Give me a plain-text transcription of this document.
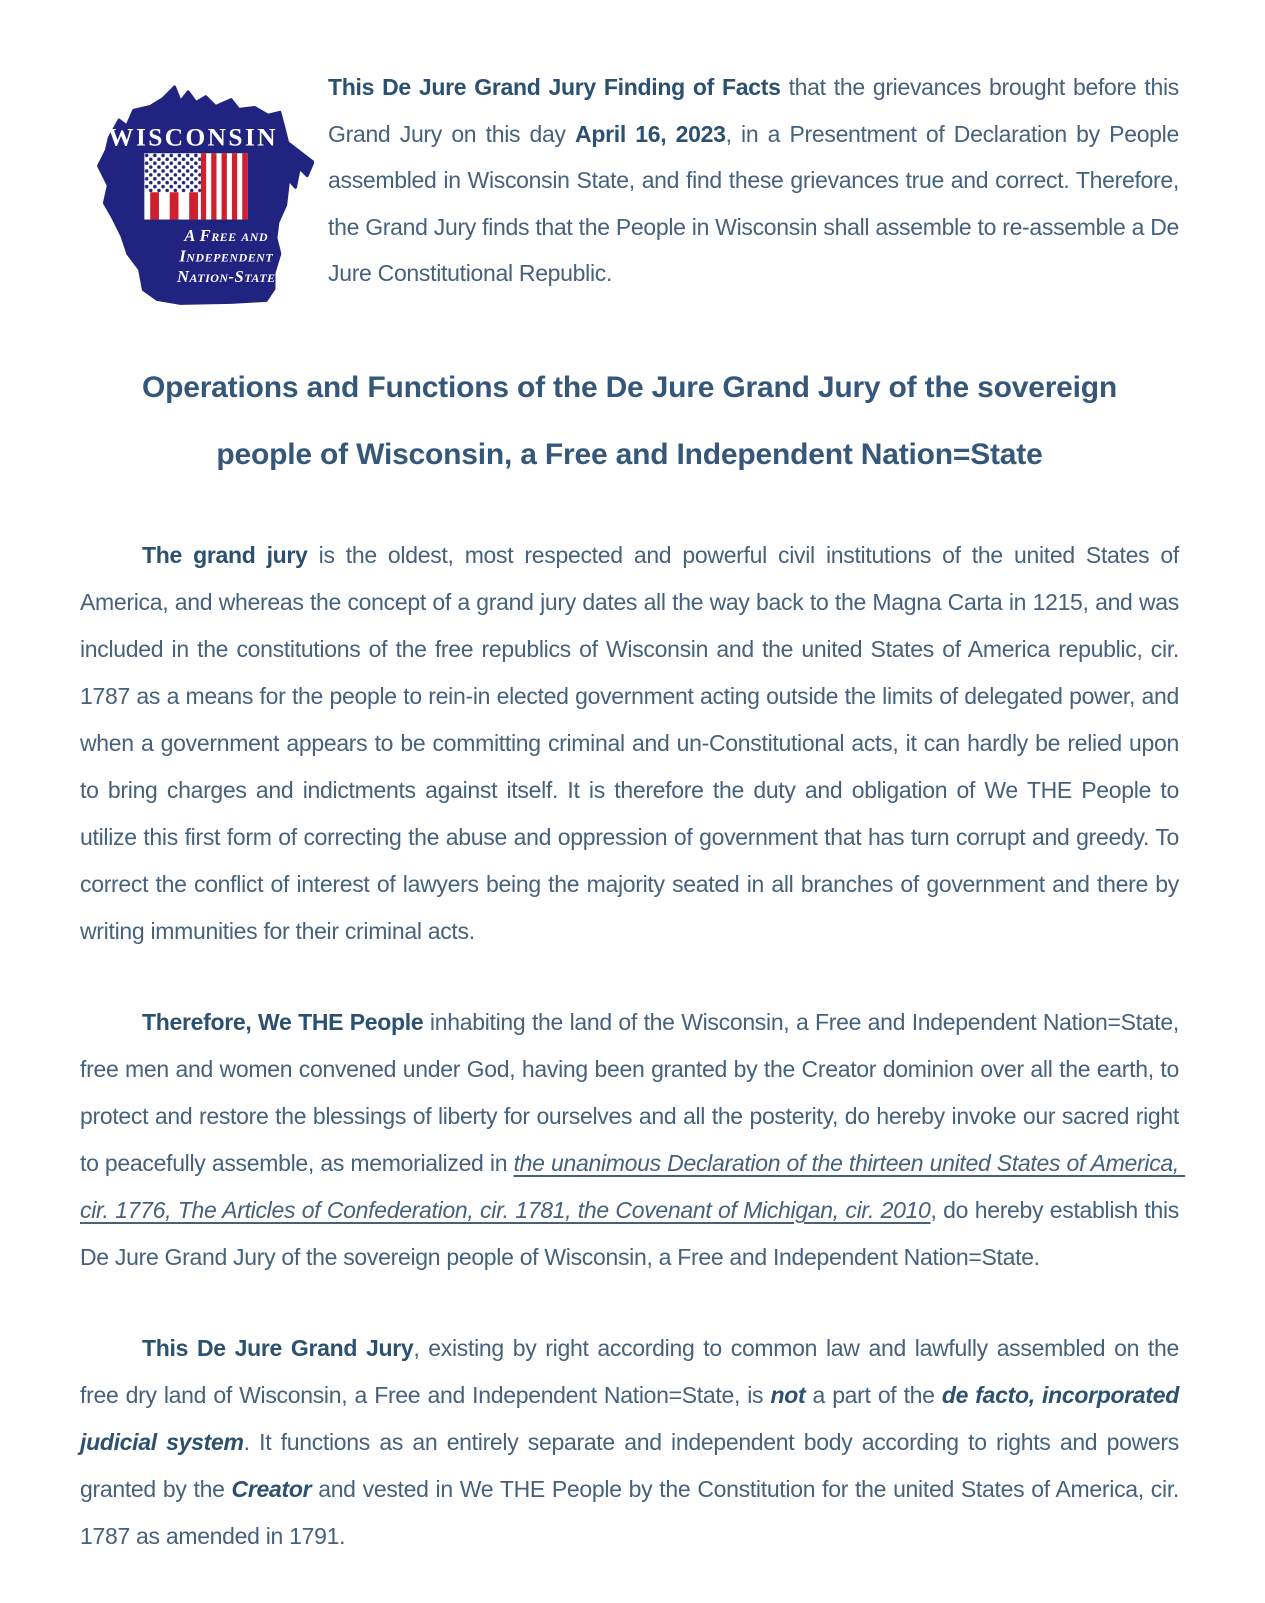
WISCONSIN
A Free and
Independent
Nation-State

This De Jure Grand Jury Finding of Facts that the grievances brought before this Grand Jury on this day April 16, 2023, in a Presentment of Declaration by People assembled in Wisconsin State, and find these grievances true and correct. Therefore, the Grand Jury finds that the People in Wisconsin shall assemble to re-assemble a De Jure Constitutional Republic.

Operations and Functions of the De Jure Grand Jury of the sovereign
people of Wisconsin, a Free and Independent Nation=State

The grand jury is the oldest, most respected and powerful civil institutions of the united States of America, and whereas the concept of a grand jury dates all the way back to the Magna Carta in 1215, and was included in the constitutions of the free republics of Wisconsin and the united States of America republic, cir. 1787 as a means for the people to rein-in elected government acting outside the limits of delegated power, and when a government appears to be committing criminal and un-Constitutional acts, it can hardly be relied upon to bring charges and indictments against itself. It is therefore the duty and obligation of We THE People to utilize this first form of correcting the abuse and oppression of government that has turn corrupt and greedy. To correct the conflict of interest of lawyers being the majority seated in all branches of government and there by writing immunities for their criminal acts.

Therefore, We THE People inhabiting the land of the Wisconsin, a Free and Independent Nation=State, free men and women convened under God, having been granted by the Creator dominion over all the earth, to protect and restore the blessings of liberty for ourselves and all the posterity, do hereby invoke our sacred right to peacefully assemble, as memorialized in the unanimous Declaration of the thirteen united States of America, cir. 1776, The Articles of Confederation, cir. 1781, the Covenant of Michigan, cir. 2010, do hereby establish this De Jure Grand Jury of the sovereign people of Wisconsin, a Free and Independent Nation=State.

This De Jure Grand Jury, existing by right according to common law and lawfully assembled on the free dry land of Wisconsin, a Free and Independent Nation=State, is not a part of the de facto, incorporated judicial system. It functions as an entirely separate and independent body according to rights and powers granted by the Creator and vested in We THE People by the Constitution for the united States of America, cir. 1787 as amended in 1791.
